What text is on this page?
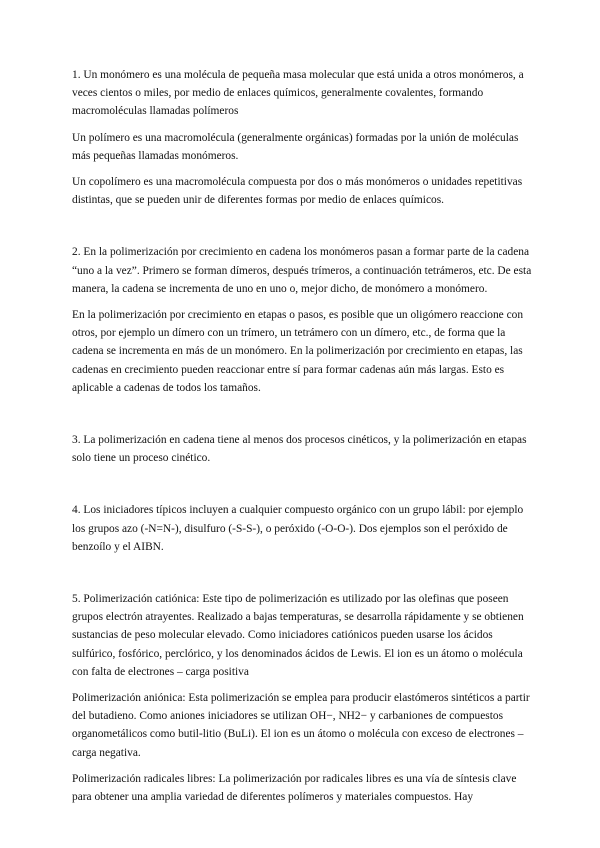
1. Un monómero es una molécula de pequeña masa molecular que está unida a otros monómeros, a veces cientos o miles, por medio de enlaces químicos, generalmente covalentes, formando macromoléculas llamadas polímeros

Un polímero es una macromolécula (generalmente orgánicas) formadas por la unión de moléculas más pequeñas llamadas monómeros.

Un copolímero es una macromolécula compuesta por dos o más monómeros o unidades repetitivas distintas, que se pueden unir de diferentes formas por medio de enlaces químicos.

2. En la polimerización por crecimiento en cadena los monómeros pasan a formar parte de la cadena “uno a la vez”. Primero se forman dímeros, después trímeros, a continuación tetrámeros, etc. De esta manera, la cadena se incrementa de uno en uno o, mejor dicho, de monómero a monómero.

En la polimerización por crecimiento en etapas o pasos, es posible que un oligómero reaccione con otros, por ejemplo un dímero con un trímero, un tetrámero con un dímero, etc., de forma que la cadena se incrementa en más de un monómero. En la polimerización por crecimiento en etapas, las cadenas en crecimiento pueden reaccionar entre sí para formar cadenas aún más largas. Esto es aplicable a cadenas de todos los tamaños.

3. La polimerización en cadena tiene al menos dos procesos cinéticos, y la polimerización en etapas solo tiene un proceso cinético.

4. Los iniciadores típicos incluyen a cualquier compuesto orgánico con un grupo lábil: por ejemplo los grupos azo (-N=N-), disulfuro (-S-S-), o peróxido (-O-O-). Dos ejemplos son el peróxido de benzoílo y el AIBN.

5. Polimerización catiónica: Este tipo de polimerización es utilizado por las olefinas que poseen grupos electrón atrayentes. Realizado a bajas temperaturas, se desarrolla rápidamente y se obtienen sustancias de peso molecular elevado. Como iniciadores catiónicos pueden usarse los ácidos sulfúrico, fosfórico, perclórico, y los denominados ácidos de Lewis. El ion es un átomo o molécula con falta de electrones – carga positiva

Polimerización aniónica: Esta polimerización se emplea para producir elastómeros sintéticos a partir del butadieno. Como aniones iniciadores se utilizan OH−, NH2− y carbaniones de compuestos organometálicos como butil-litio (BuLi). El ion es un átomo o molécula con exceso de electrones – carga negativa.

Polimerización radicales libres: La polimerización por radicales libres es una vía de síntesis clave para obtener una amplia variedad de diferentes polímeros y materiales compuestos. Hay
